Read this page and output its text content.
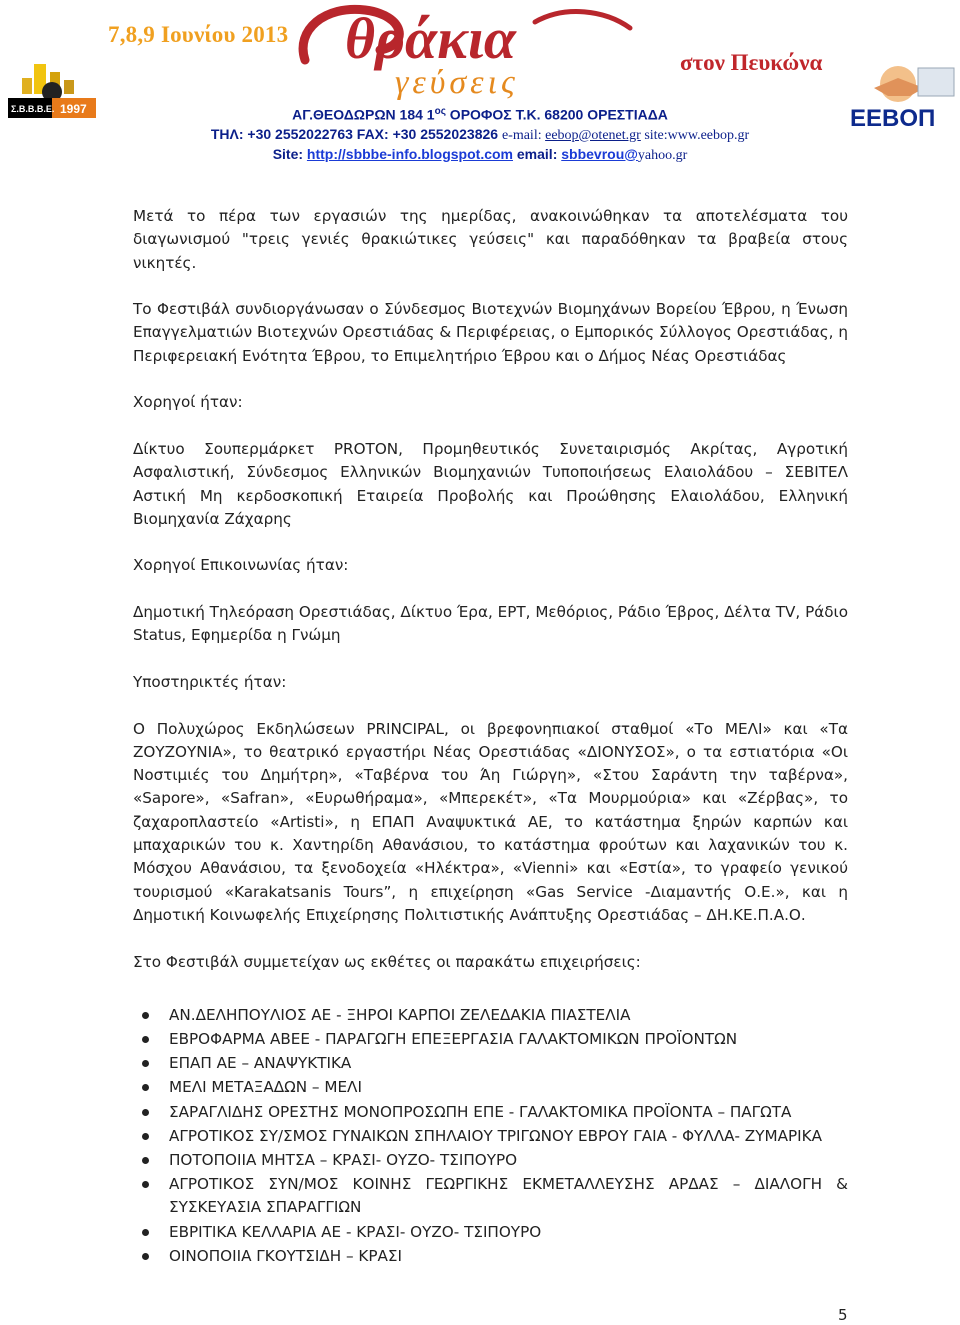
7,8,9 Ιουνίου 2013
στον Πευκώνα
θράκια
γεύσεις
Σ.Β.Β.Β.Ε. 1997	ΕΕΒΟΠ
ΑΓ.ΘΕΟΔΩΡΩΝ 184 $1^{o\varsigma}$ ΟΡΟΦΟΣ Τ.Κ. 68200 ΟΡΕΣΤΙΑΔΑ
ΤΗΛ: +30 2552022763 FAX: +30 2552023826 e-mail: eebop@otenet.gr site:www.eebop.gr
Site: http://sbbbe-info.blogspot.com email: sbbevrou@yahoo.gr

Μετά το πέρα των εργασιών της ημερίδας, ανακοινώθηκαν τα αποτελέσματα του διαγωνισμού "τρεις γενιές θρακιώτικες γεύσεις" και παραδόθηκαν τα βραβεία στους νικητές.

Το Φεστιβάλ συνδιοργάνωσαν ο Σύνδεσμος Βιοτεχνών Βιομηχάνων Βορείου Έβρου, η Ένωση Επαγγελματιών Βιοτεχνών Ορεστιάδας & Περιφέρειας, ο Εμπορικός Σύλλογος Ορεστιάδας, η Περιφερειακή Ενότητα Έβρου, το Επιμελητήριο Έβρου και ο Δήμος Νέας Ορεστιάδας

Χορηγοί ήταν:

Δίκτυο Σουπερμάρκετ PROTON, Προμηθευτικός Συνεταιρισμός Ακρίτας, Αγροτική Ασφαλιστική, Σύνδεσμος Ελληνικών Βιομηχανιών Τυποποιήσεως Ελαιολάδου – ΣΕΒΙΤΕΛ Αστική Μη κερδοσκοπική Εταιρεία Προβολής και Προώθησης Ελαιολάδου, Ελληνική Βιομηχανία Ζάχαρης

Χορηγοί Επικοινωνίας ήταν:

Δημοτική Τηλεόραση Ορεστιάδας, Δίκτυο Έρα, ΕΡΤ, Μεθόριος, Ράδιο Έβρος, Δέλτα TV, Ράδιο Status, Εφημερίδα η Γνώμη

Υποστηρικτές ήταν:

Ο Πολυχώρος Εκδηλώσεων PRINCIPAL, οι βρεφονηπιακοί σταθμοί «Το ΜΕΛΙ» και «Τα ΖΟΥΖΟΥΝΙΑ», το θεατρικό εργαστήρι Νέας Ορεστιάδας «ΔΙΟΝΥΣΟΣ», ο τα εστιατόρια «Οι Νοστιμιές του Δημήτρη», «Ταβέρνα του Άη Γιώργη», «Στου Σαράντη την ταβέρνα», «Sapore», «Safran», «Ευρωθήραμα», «Μπερεκέτ», «Τα Μουρμούρια» και «Ζέρβας», το ζαχαροπλαστείο «Artisti», η ΕΠΑΠ Αναψυκτικά ΑΕ, το κατάστημα ξηρών καρπών και μπαχαρικών του κ. Χαντηρίδη Αθανάσιου, το κατάστημα φρούτων και λαχανικών του κ. Μόσχου Αθανάσιου, τα ξενοδοχεία «Ηλέκτρα», «Vienni» και «Εστία», το γραφείο γενικού τουρισμού «Karakatsanis Tours”, η επιχείρηση «Gas Service -Διαμαντής Ο.Ε.», και η Δημοτική Κοινωφελής Επιχείρησης Πολιτιστικής Ανάπτυξης Ορεστιάδας – ΔΗ.ΚΕ.Π.Α.Ο.

Στο Φεστιβάλ συμμετείχαν ως εκθέτες οι παρακάτω επιχειρήσεις:

ΑΝ.ΔΕΛΗΠΟΥΛΙΟΣ ΑΕ - ΞΗΡΟΙ ΚΑΡΠΟΙ ΖΕΛΕΔΑΚΙΑ ΠΙΑΣΤΕΛΙΑ
ΕΒΡΟΦΑΡΜΑ ΑΒΕΕ - ΠΑΡΑΓΩΓΗ ΕΠΕΞΕΡΓΑΣΙΑ ΓΑΛΑΚΤΟΜΙΚΩΝ ΠΡΟΪΟΝΤΩΝ
ΕΠΑΠ ΑΕ – ΑΝΑΨΥΚΤΙΚΑ
ΜΕΛΙ ΜΕΤΑΞΑΔΩΝ – ΜΕΛΙ
ΣΑΡΑΓΛΙΔΗΣ ΟΡΕΣΤΗΣ ΜΟΝΟΠΡΟΣΩΠΗ ΕΠΕ - ΓΑΛΑΚΤΟΜΙΚΑ ΠΡΟΪΟΝΤΑ – ΠΑΓΩΤΑ
ΑΓΡΟΤΙΚΟΣ ΣΥ/ΣΜΟΣ ΓΥΝΑΙΚΩΝ ΣΠΗΛΑΙΟΥ ΤΡΙΓΩΝΟΥ ΕΒΡΟΥ ΓΑΙΑ - ΦΥΛΛΑ- ΖΥΜΑΡΙΚΑ
ΠΟΤΟΠΟΙΙΑ ΜΗΤΣΑ – ΚΡΑΣΙ- ΟΥΖΟ- ΤΣΙΠΟΥΡΟ
ΑΓΡΟΤΙΚΟΣ ΣΥΝ/ΜΟΣ ΚΟΙΝΗΣ ΓΕΩΡΓΙΚΗΣ ΕΚΜΕΤΑΛΛΕΥΣΗΣ ΑΡΔΑΣ – ΔΙΑΛΟΓΗ & ΣΥΣΚΕΥΑΣΙΑ ΣΠΑΡΑΓΓΙΩΝ
ΕΒΡΙΤΙΚΑ ΚΕΛΛΑΡΙΑ ΑΕ - ΚΡΑΣΙ- ΟΥΖΟ- ΤΣΙΠΟΥΡΟ
ΟΙΝΟΠΟΙΙΑ ΓΚΟΥΤΣΙΔΗ – ΚΡΑΣΙ
5
